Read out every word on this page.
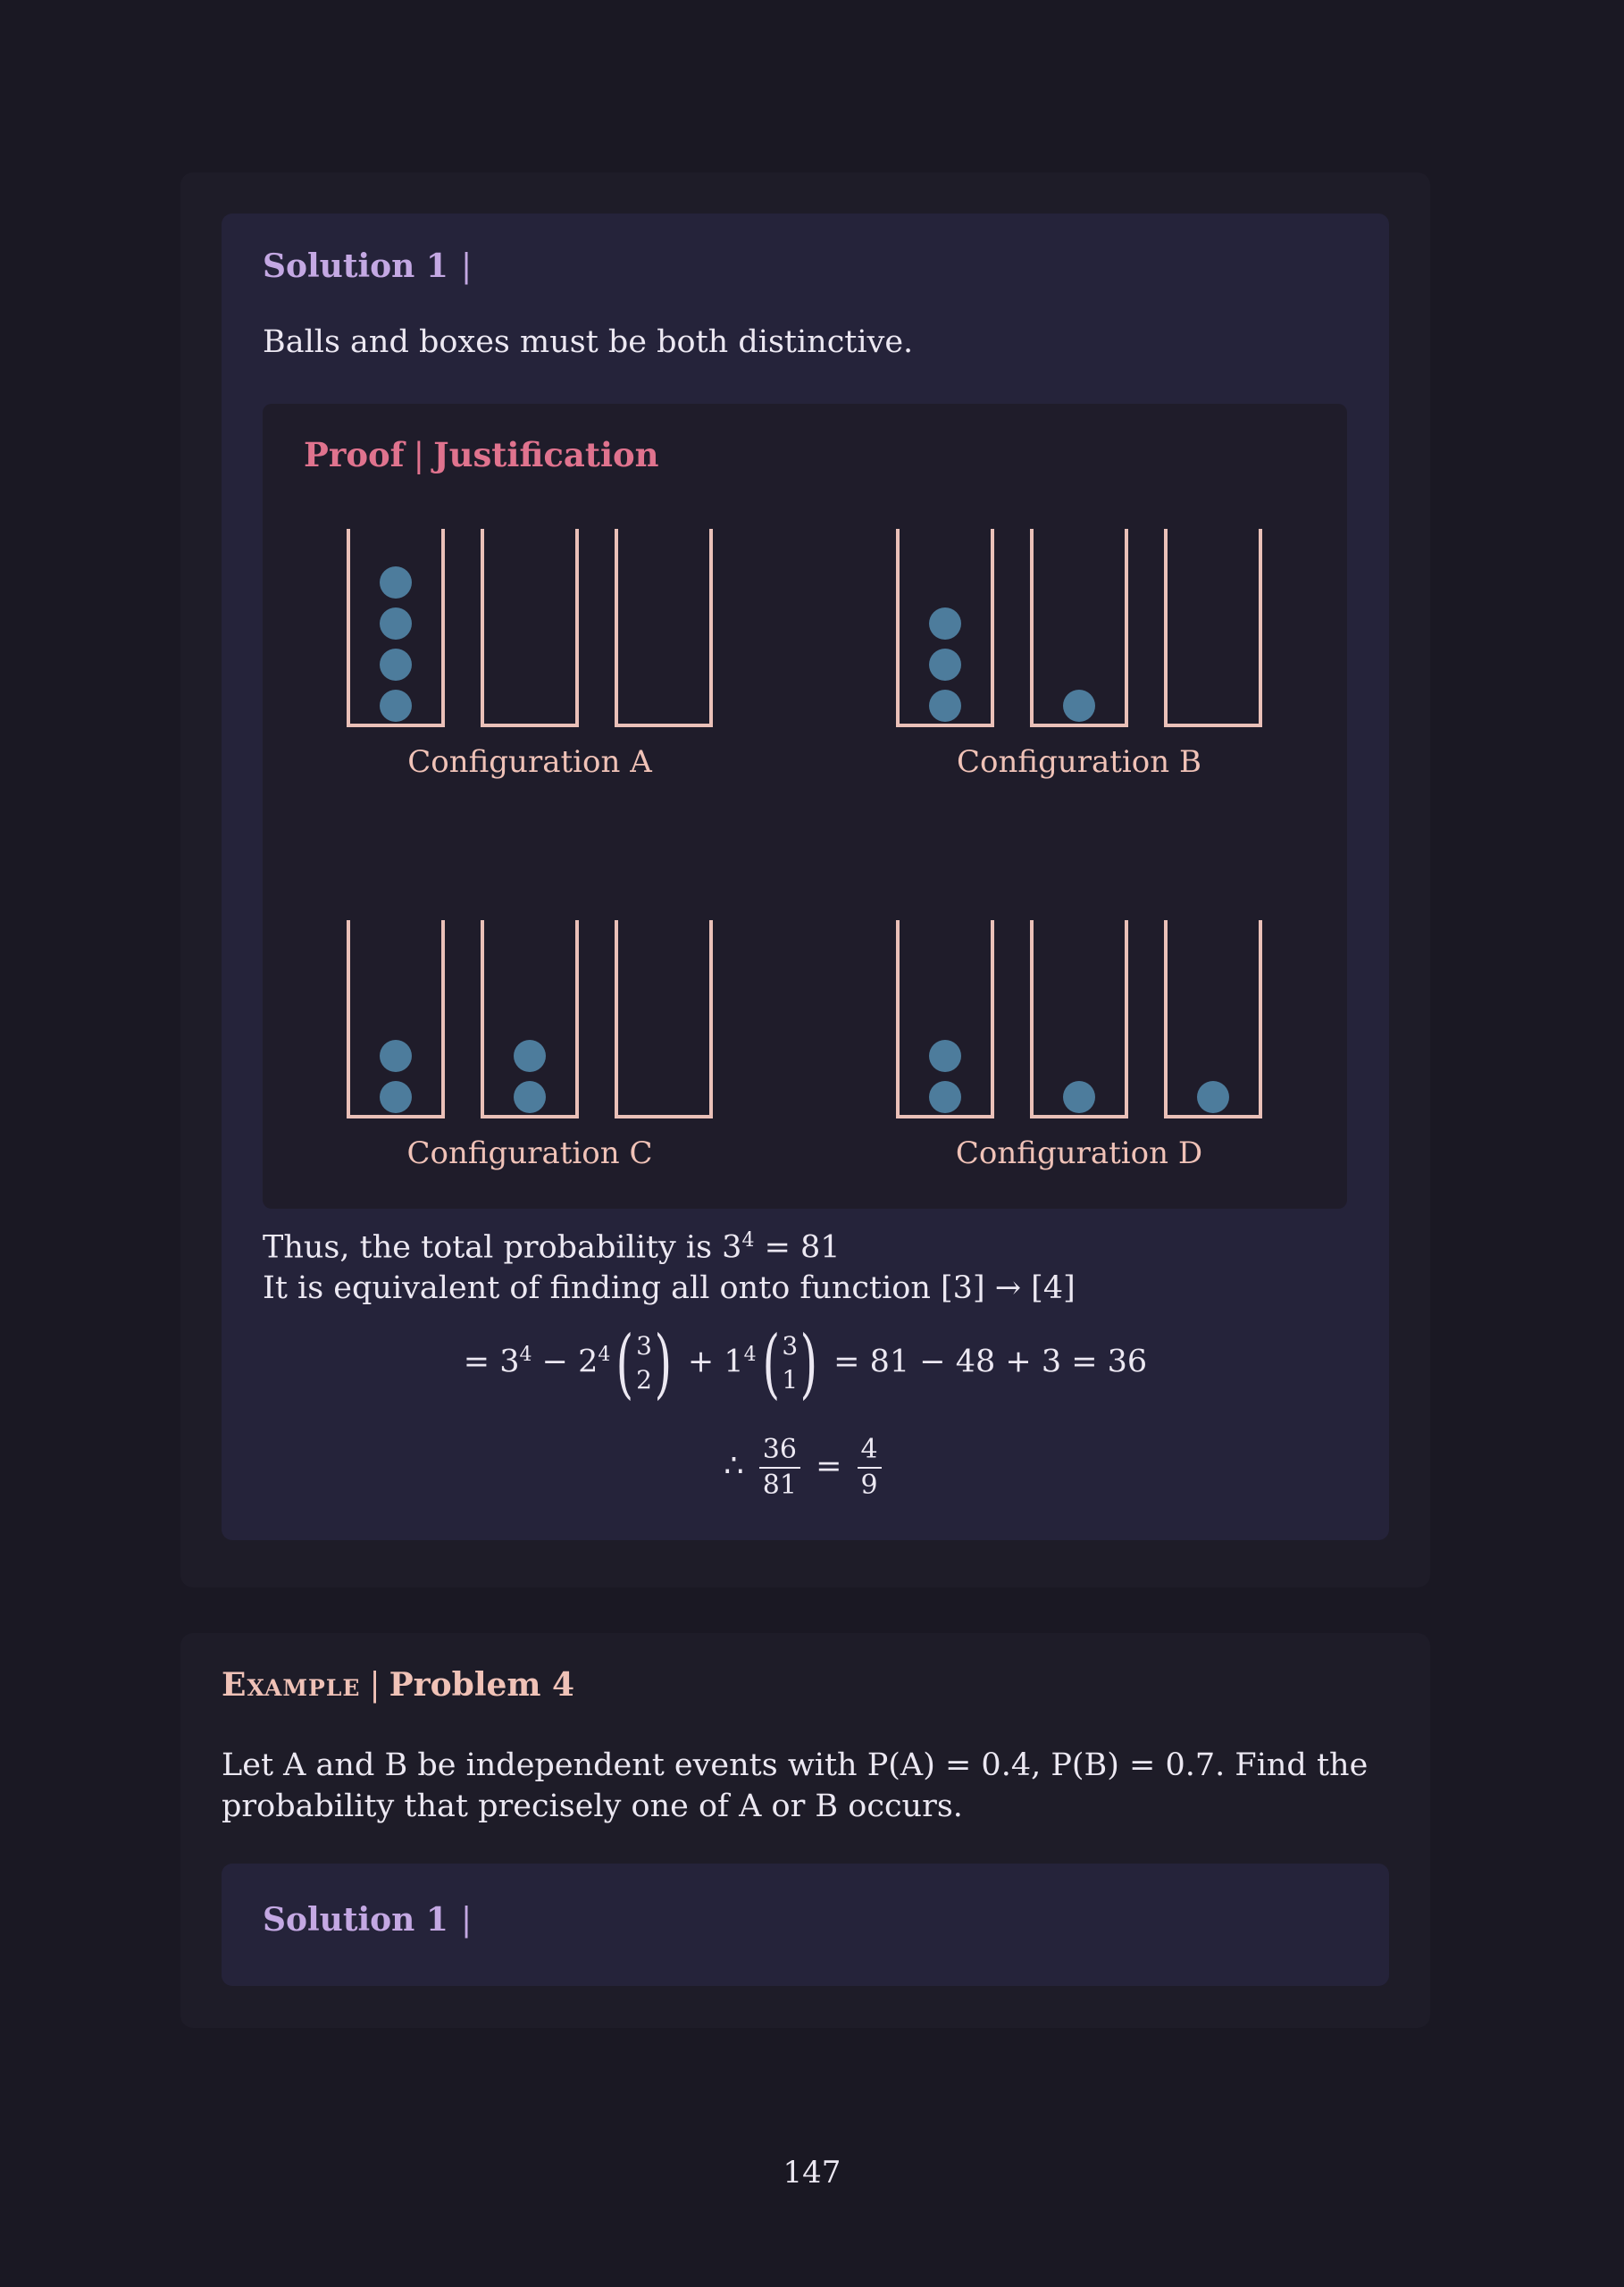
Solution 1 |
Balls and boxes must be both distinctive.
Proof | Justification
Configuration A	Configuration B
Configuration C	Configuration D
Thus, the total probability is $3^4 = 81$
It is equivalent of finding all onto function [3] → [4]
= $3^4 - 2^4$ ( 3
2 ) + $1^4$ ( 3
1 ) = 81 − 48 + 3 = 36
∴ $\frac{36}{81} = \frac{4}{9}$
Example | Problem 4
Let A and B be independent events with P(A) = 0.4, P(B) = 0.7. Find the probability that precisely one of A or B occurs.
Solution 1 |
147
